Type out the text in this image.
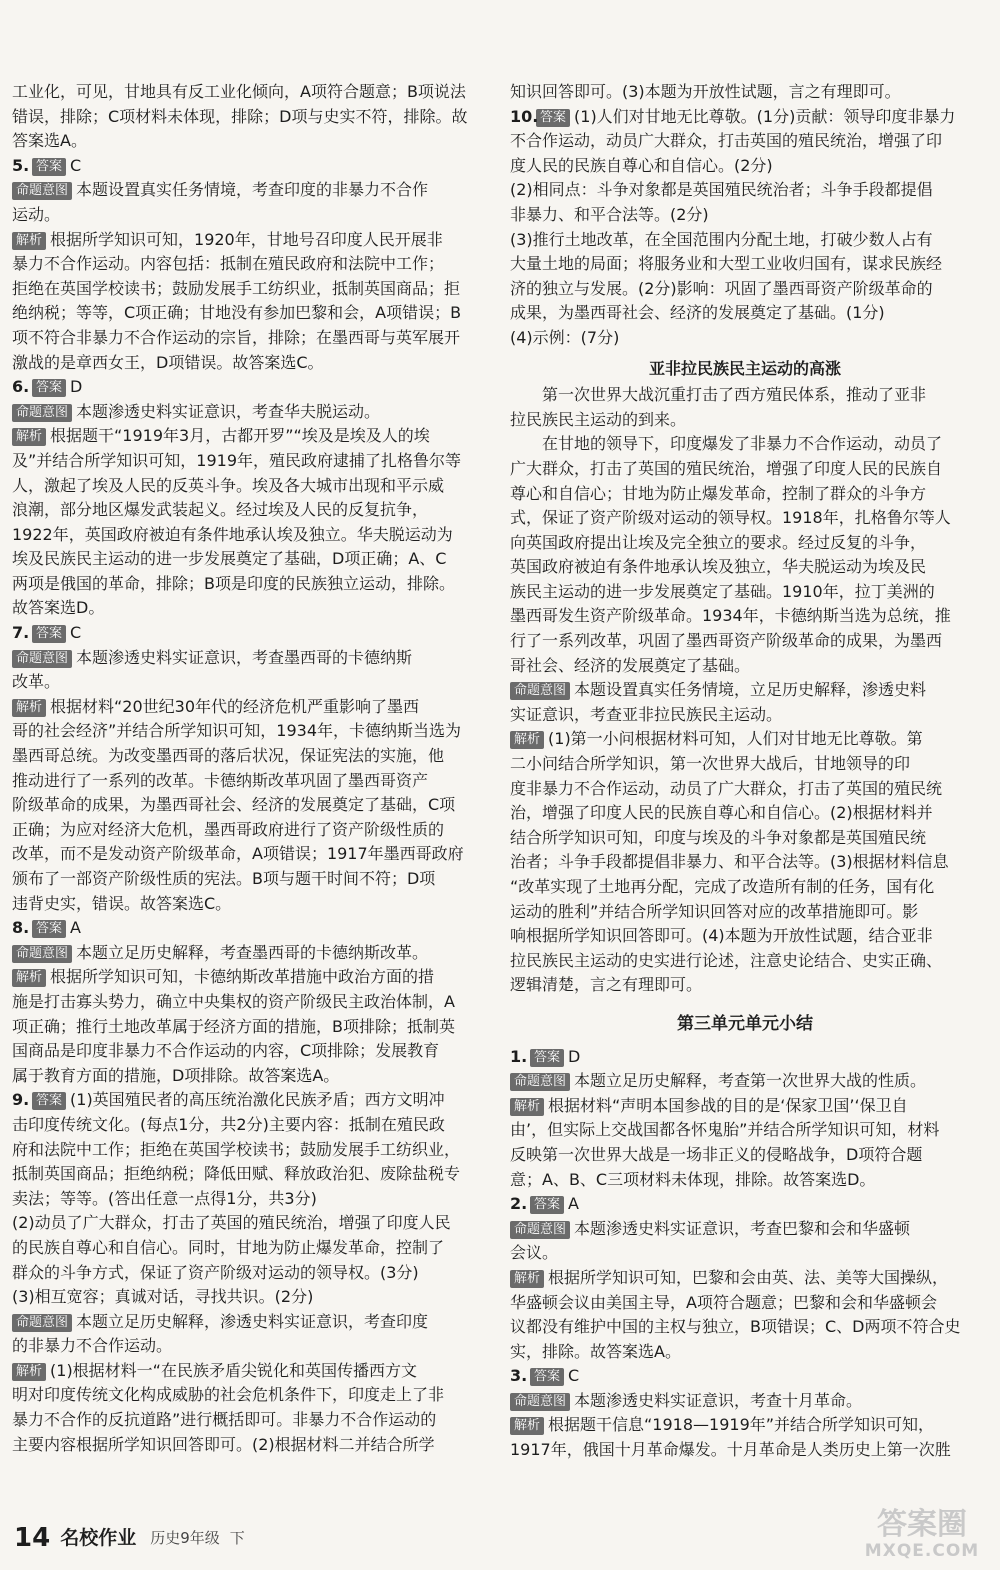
工业化，可见，甘地具有反工业化倾向，A项符合题意；B项说法
错误，排除；C项材料未体现，排除；D项与史实不符，排除。故
答案选A。
5. 答案 C
命题意图 本题设置真实任务情境，考查印度的非暴力不合作
运动。
解析 根据所学知识可知，1920年，甘地号召印度人民开展非
暴力不合作运动。内容包括：抵制在殖民政府和法院中工作；
拒绝在英国学校读书；鼓励发展手工纺织业，抵制英国商品；拒
绝纳税；等等，C项正确；甘地没有参加巴黎和会，A项错误；B
项不符合非暴力不合作运动的宗旨，排除；在墨西哥与英军展开
激战的是章西女王，D项错误。故答案选C。
6. 答案 D
命题意图 本题渗透史料实证意识，考查华夫脱运动。
解析 根据题干“1919年3月，古都开罗”“埃及是埃及人的埃
及”并结合所学知识可知，1919年，殖民政府逮捕了扎格鲁尔等
人，激起了埃及人民的反英斗争。埃及各大城市出现和平示威
浪潮，部分地区爆发武装起义。经过埃及人民的反复抗争，
1922年，英国政府被迫有条件地承认埃及独立。华夫脱运动为
埃及民族民主运动的进一步发展奠定了基础，D项正确；A、C
两项是俄国的革命，排除；B项是印度的民族独立运动，排除。
故答案选D。
7. 答案 C
命题意图 本题渗透史料实证意识，考查墨西哥的卡德纳斯
改革。
解析 根据材料“20世纪30年代的经济危机严重影响了墨西
哥的社会经济”并结合所学知识可知，1934年，卡德纳斯当选为
墨西哥总统。为改变墨西哥的落后状况，保证宪法的实施，他
推动进行了一系列的改革。卡德纳斯改革巩固了墨西哥资产
阶级革命的成果，为墨西哥社会、经济的发展奠定了基础，C项
正确；为应对经济大危机，墨西哥政府进行了资产阶级性质的
改革，而不是发动资产阶级革命，A项错误；1917年墨西哥政府
颁布了一部资产阶级性质的宪法。B项与题干时间不符；D项
违背史实，错误。故答案选C。
8. 答案 A
命题意图 本题立足历史解释，考查墨西哥的卡德纳斯改革。
解析 根据所学知识可知，卡德纳斯改革措施中政治方面的措
施是打击寡头势力，确立中央集权的资产阶级民主政治体制，A
项正确；推行土地改革属于经济方面的措施，B项排除；抵制英
国商品是印度非暴力不合作运动的内容，C项排除；发展教育
属于教育方面的措施，D项排除。故答案选A。
9. 答案 (1)英国殖民者的高压统治激化民族矛盾；西方文明冲
击印度传统文化。(每点1分，共2分)主要内容：抵制在殖民政
府和法院中工作；拒绝在英国学校读书；鼓励发展手工纺织业，
抵制英国商品；拒绝纳税；降低田赋、释放政治犯、废除盐税专
卖法；等等。(答出任意一点得1分，共3分)
(2)动员了广大群众，打击了英国的殖民统治，增强了印度人民
的民族自尊心和自信心。同时，甘地为防止爆发革命，控制了
群众的斗争方式，保证了资产阶级对运动的领导权。(3分)
(3)相互宽容；真诚对话，寻找共识。(2分)
命题意图 本题立足历史解释，渗透史料实证意识，考查印度
的非暴力不合作运动。
解析 (1)根据材料一“在民族矛盾尖锐化和英国传播西方文
明对印度传统文化构成威胁的社会危机条件下，印度走上了非
暴力不合作的反抗道路”进行概括即可。非暴力不合作运动的
主要内容根据所学知识回答即可。(2)根据材料二并结合所学
知识回答即可。(3)本题为开放性试题，言之有理即可。
10. 答案 (1)人们对甘地无比尊敬。(1分)贡献：领导印度非暴力
不合作运动，动员广大群众，打击英国的殖民统治，增强了印
度人民的民族自尊心和自信心。(2分)
(2)相同点：斗争对象都是英国殖民统治者；斗争手段都提倡
非暴力、和平合法等。(2分)
(3)推行土地改革，在全国范围内分配土地，打破少数人占有
大量土地的局面；将服务业和大型工业收归国有，谋求民族经
济的独立与发展。(2分)影响：巩固了墨西哥资产阶级革命的
成果，为墨西哥社会、经济的发展奠定了基础。(1分)
(4)示例：(7分)
亚非拉民族民主运动的高涨
第一次世界大战沉重打击了西方殖民体系，推动了亚非
拉民族民主运动的到来。
在甘地的领导下，印度爆发了非暴力不合作运动，动员了
广大群众，打击了英国的殖民统治，增强了印度人民的民族自
尊心和自信心；甘地为防止爆发革命，控制了群众的斗争方
式，保证了资产阶级对运动的领导权。1918年，扎格鲁尔等人
向英国政府提出让埃及完全独立的要求。经过反复的斗争，
英国政府被迫有条件地承认埃及独立，华夫脱运动为埃及民
族民主运动的进一步发展奠定了基础。1910年，拉丁美洲的
墨西哥发生资产阶级革命。1934年，卡德纳斯当选为总统，推
行了一系列改革，巩固了墨西哥资产阶级革命的成果，为墨西
哥社会、经济的发展奠定了基础。
命题意图 本题设置真实任务情境，立足历史解释，渗透史料
实证意识，考查亚非拉民族民主运动。
解析 (1)第一小问根据材料可知，人们对甘地无比尊敬。第
二小问结合所学知识，第一次世界大战后，甘地领导的印
度非暴力不合作运动，动员了广大群众，打击了英国的殖民统
治，增强了印度人民的民族自尊心和自信心。(2)根据材料并
结合所学知识可知，印度与埃及的斗争对象都是英国殖民统
治者；斗争手段都提倡非暴力、和平合法等。(3)根据材料信息
“改革实现了土地再分配，完成了改造所有制的任务，国有化
运动的胜利”并结合所学知识回答对应的改革措施即可。影
响根据所学知识回答即可。(4)本题为开放性试题，结合亚非
拉民族民主运动的史实进行论述，注意史论结合、史实正确、
逻辑清楚，言之有理即可。
第三单元单元小结
1. 答案 D
命题意图 本题立足历史解释，考查第一次世界大战的性质。
解析 根据材料“声明本国参战的目的是‘保家卫国’‘保卫自
由’，但实际上交战国都各怀鬼胎”并结合所学知识可知，材料
反映第一次世界大战是一场非正义的侵略战争，D项符合题
意；A、B、C三项材料未体现，排除。故答案选D。
2. 答案 A
命题意图 本题渗透史料实证意识，考查巴黎和会和华盛顿
会议。
解析 根据所学知识可知，巴黎和会由英、法、美等大国操纵，
华盛顿会议由美国主导，A项符合题意；巴黎和会和华盛顿会
议都没有维护中国的主权与独立，B项错误；C、D两项不符合史
实，排除。故答案选A。
3. 答案 C
命题意图 本题渗透史料实证意识，考查十月革命。
解析 根据题干信息“1918—1919年”并结合所学知识可知，
1917年，俄国十月革命爆发。十月革命是人类历史上第一次胜
14 名校作业 历史9年级 下	答案圈
MXQE.COM
